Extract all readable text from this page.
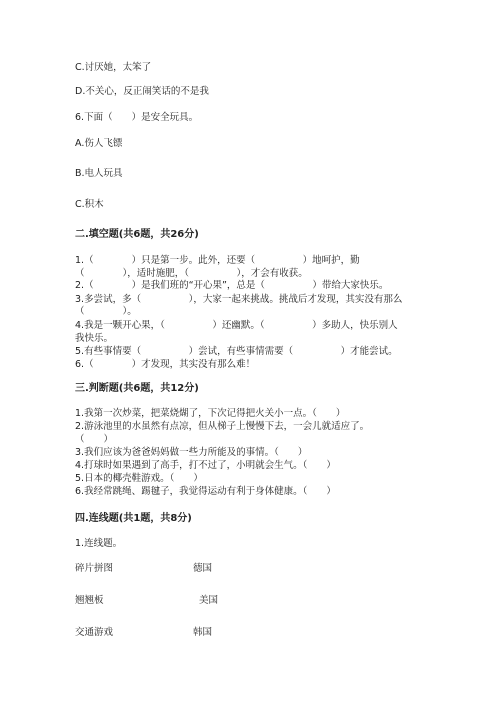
C.讨厌她，太笨了
D.不关心，反正闹笑话的不是我
6.下面（　　）是安全玩具。
A.伤人飞镖
B.电人玩具
C.积木
二.填空题(共6题，共26分)
1.（　　　　）只是第一步。此外，还要（　　　　　）地呵护，勤
（　　　　），适时施肥，（　　　　　），才会有收获。
2.（　　　　）是我们班的“开心果”，总是（　　　　　）带给大家快乐。
3.多尝试，多（　　　　　），大家一起来挑战。挑战后才发现，其实没有那么
（　　　　）。
4.我是一颗开心果，（　　　　　）还幽默。（　　　　　）多助人，快乐别人
我快乐。
5.有些事情要（　　　　　）尝试，有些事情需要（　　　　　）才能尝试。
6.（　　　　）才发现，其实没有那么难！
三.判断题(共6题，共12分)
1.我第一次炒菜，把菜烧煳了，下次记得把火关小一点。（　　）
2.游泳池里的水虽然有点凉，但从梯子上慢慢下去，一会儿就适应了。
（　　）
3.我们应该为爸爸妈妈做一些力所能及的事情。（　　）
4.打球时如果遇到了高手，打不过了，小明就会生气。（　　）
5.日本的椰壳鞋游戏。（　　）
6.我经常跳绳、踢毽子，我觉得运动有利于身体健康。（　　）
四.连线题(共1题，共8分)
1.连线题。
碎片拼图	德国
翘翘板	美国
交通游戏	韩国
